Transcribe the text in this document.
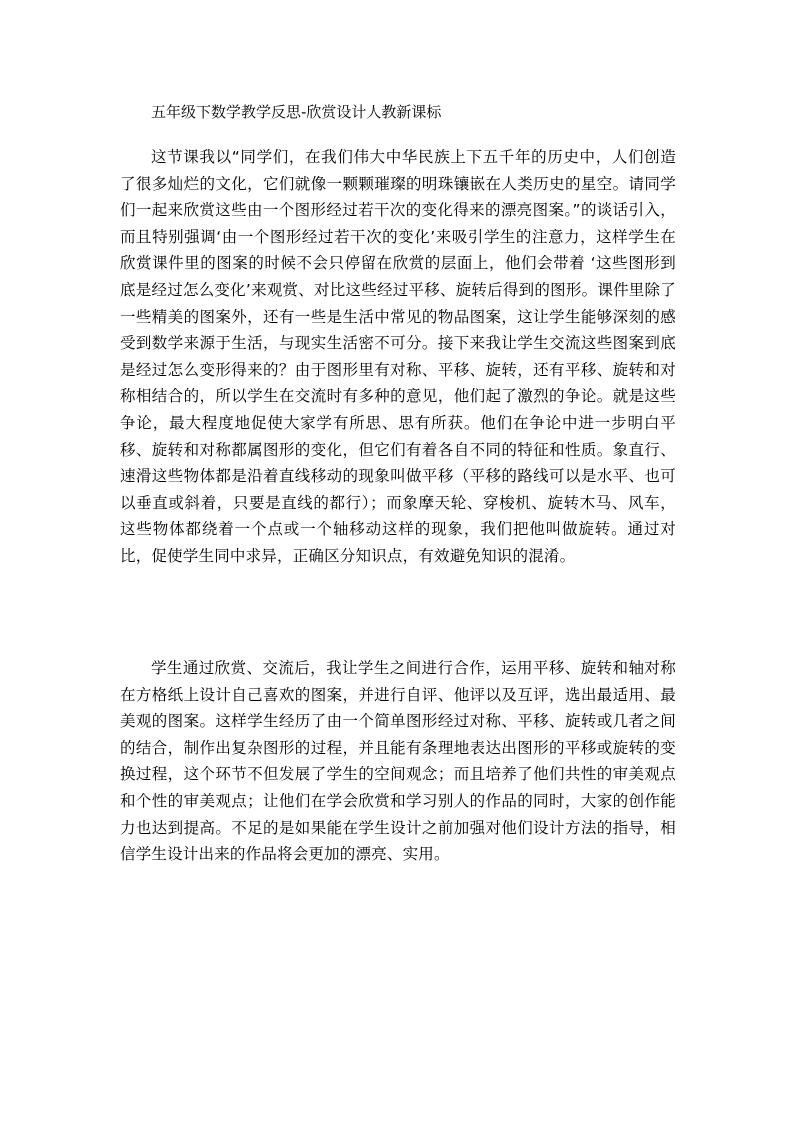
五年级下数学教学反思-欣赏设计人教新课标

这节课我以“同学们，在我们伟大中华民族上下五千年的历史中，人们创造了很多灿烂的文化，它们就像一颗颗璀璨的明珠镶嵌在人类历史的星空。请同学们一起来欣赏这些由一个图形经过若干次的变化得来的漂亮图案。”的谈话引入，而且特别强调‘由一个图形经过若干次的变化’来吸引学生的注意力，这样学生在欣赏课件里的图案的时候不会只停留在欣赏的层面上，他们会带着 ‘这些图形到底是经过怎么变化’来观赏、对比这些经过平移、旋转后得到的图形。课件里除了一些精美的图案外，还有一些是生活中常见的物品图案，这让学生能够深刻的感受到数学来源于生活，与现实生活密不可分。接下来我让学生交流这些图案到底是经过怎么变形得来的？由于图形里有对称、平移、旋转，还有平移、旋转和对称相结合的，所以学生在交流时有多种的意见，他们起了激烈的争论。就是这些争论，最大程度地促使大家学有所思、思有所获。他们在争论中进一步明白平移、旋转和对称都属图形的变化，但它们有着各自不同的特征和性质。象直行、速滑这些物体都是沿着直线移动的现象叫做平移（平移的路线可以是水平、也可以垂直或斜着，只要是直线的都行）；而象摩天轮、穿梭机、旋转木马、风车，这些物体都绕着一个点或一个轴移动这样的现象，我们把他叫做旋转。通过对比，促使学生同中求异，正确区分知识点，有效避免知识的混淆。

学生通过欣赏、交流后，我让学生之间进行合作，运用平移、旋转和轴对称在方格纸上设计自己喜欢的图案，并进行自评、他评以及互评，选出最适用、最美观的图案。这样学生经历了由一个简单图形经过对称、平移、旋转或几者之间的结合，制作出复杂图形的过程，并且能有条理地表达出图形的平移或旋转的变换过程，这个环节不但发展了学生的空间观念；而且培养了他们共性的审美观点和个性的审美观点；让他们在学会欣赏和学习别人的作品的同时，大家的创作能力也达到提高。不足的是如果能在学生设计之前加强对他们设计方法的指导，相信学生设计出来的作品将会更加的漂亮、实用。
